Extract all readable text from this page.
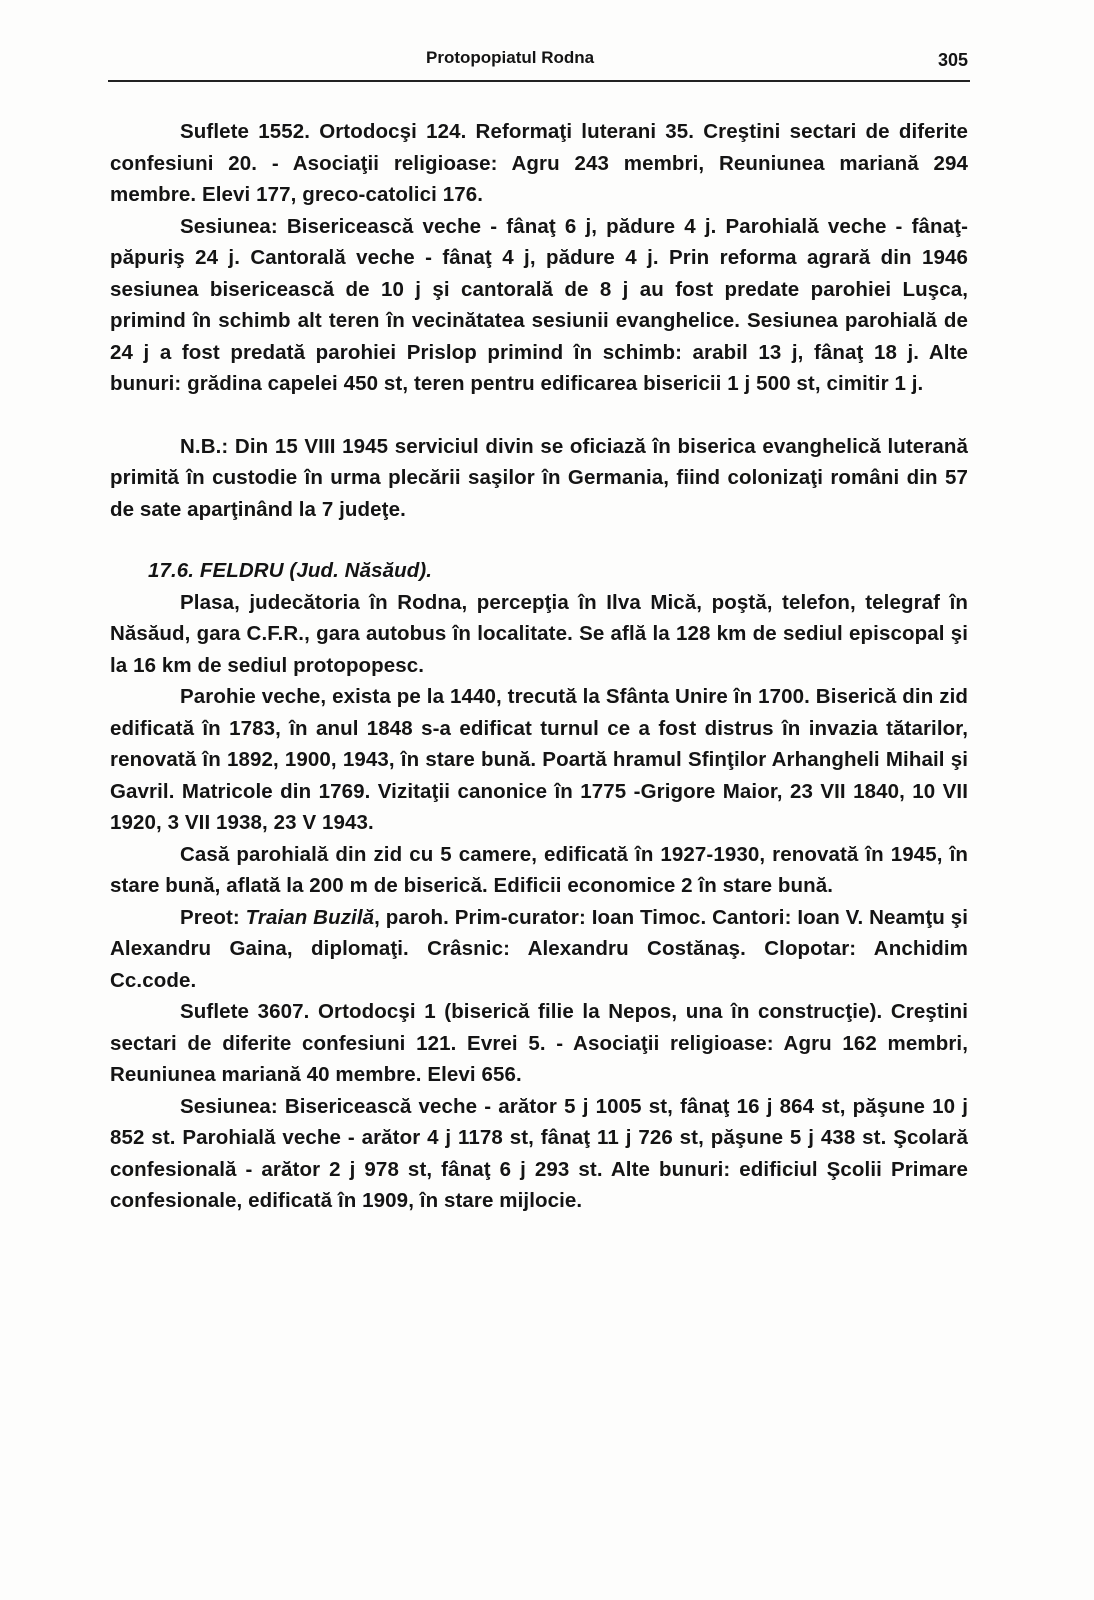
Protopopiatul Rodna	305

Suflete 1552. Ortodocşi 124. Reformaţi luterani 35. Creştini sectari de diferite confesiuni 20. - Asociaţii religioase: Agru 243 membri, Reuniunea mariană 294 membre. Elevi 177, greco-catolici 176.

Sesiunea: Bisericească veche - fânaţ 6 j, pădure 4 j. Parohială veche - fânaţ-păpuriş 24 j. Cantorală veche - fânaţ 4 j, pădure 4 j. Prin reforma agrară din 1946 sesiunea bisericească de 10 j şi cantorală de 8 j au fost predate parohiei Luşca, primind în schimb alt teren în vecinătatea sesiunii evanghelice. Sesiunea parohială de 24 j a fost predată parohiei Prislop primind în schimb: arabil 13 j, fânaţ 18 j. Alte bunuri: grădina capelei 450 st, teren pentru edificarea bisericii 1 j 500 st, cimitir 1 j.

N.B.: Din 15 VIII 1945 serviciul divin se oficiază în biserica evanghelică luterană primită în custodie în urma plecării saşilor în Germania, fiind colonizaţi români din 57 de sate aparţinând la 7 judeţe.

17.6. FELDRU (Jud. Năsăud).

Plasa, judecătoria în Rodna, percepţia în Ilva Mică, poştă, telefon, telegraf în Năsăud, gara C.F.R., gara autobus în localitate. Se află la 128 km de sediul episcopal şi la 16 km de sediul protopopesc.

Parohie veche, exista pe la 1440, trecută la Sfânta Unire în 1700. Biserică din zid edificată în 1783, în anul 1848 s-a edificat turnul ce a fost distrus în invazia tătarilor, renovată în 1892, 1900, 1943, în stare bună. Poartă hramul Sfinţilor Arhangheli Mihail şi Gavril. Matricole din 1769. Vizitaţii canonice în 1775 -Grigore Maior, 23 VII 1840, 10 VII 1920, 3 VII 1938, 23 V 1943.

Casă parohială din zid cu 5 camere, edificată în 1927-1930, renovată în 1945, în stare bună, aflată la 200 m de biserică. Edificii economice 2 în stare bună.

Preot: Traian Buzilă, paroh. Prim-curator: Ioan Timoc. Cantori: Ioan V. Neamţu şi Alexandru Gaina, diplomaţi. Crâsnic: Alexandru Costănaş. Clopotar: Anchidim Cc.code.

Suflete 3607. Ortodocşi 1 (biserică filie la Nepos, una în construcţie). Creştini sectari de diferite confesiuni 121. Evrei 5. - Asociaţii religioase: Agru 162 membri, Reuniunea mariană 40 membre. Elevi 656.

Sesiunea: Bisericească veche - arător 5 j 1005 st, fânaţ 16 j 864 st, păşune 10 j 852 st. Parohială veche - arător 4 j 1178 st, fânaţ 11 j 726 st, păşune 5 j 438 st. Şcolară confesională - arător 2 j 978 st, fânaţ 6 j 293 st. Alte bunuri: edificiul Şcolii Primare confesionale, edificată în 1909, în stare mijlocie.
